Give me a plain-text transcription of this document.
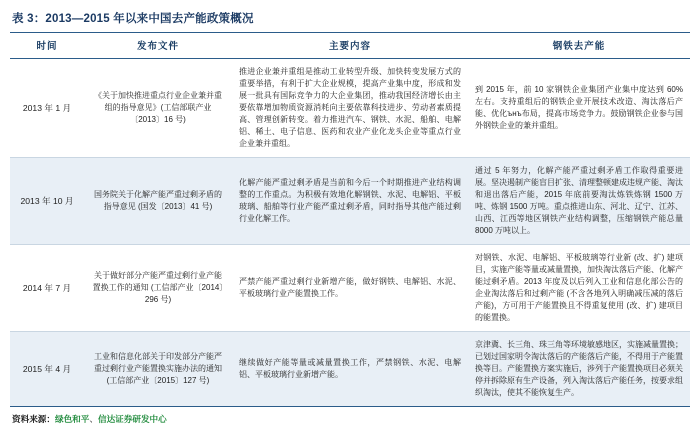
表 3：2013—2015 年以来中国去产能政策概况
时间	发布文件	主要内容	钢铁去产能
2013 年 1 月	《关于加快推进重点行业企业兼并重组的指导意见》(工信部联产业〔2013〕16 号)	推进企业兼并重组是推动工业转型升级、加快转变发展方式的重要举措，有利于扩大企业规模，提高产业集中度，形成和发展一批具有国际竞争力的大企业集团，推动我国经济增长由主要依靠增加物质资源消耗向主要依靠科技进步、劳动者素质提高、管理创新转变。着力推进汽车、钢铁、水泥、船舶、电解铝、稀土、电子信息、医药和农业产业化龙头企业等重点行业企业兼并重组。	到 2015 年，前 10 家钢铁企业集团产业集中度达到 60% 左右。支持重组后的钢铁企业开展技术改造、淘汰落后产能、优化ънъ布局，提高市场竞争力。鼓励钢铁企业参与国外钢铁企业的兼并重组。
2013 年 10 月	国务院关于化解产能严重过剩矛盾的指导意见 (国发〔2013〕41 号)	化解产能严重过剩矛盾是当前和今后一个时期推进产业结构调整的工作重点。为积极有效地化解钢铁、水泥、电解铝、平板玻璃、船舶等行业产能严重过剩矛盾，同时指导其他产能过剩行业化解工作。	通过 5 年努力，化解产能严重过剩矛盾工作取得重要进展。坚决遏制产能盲目扩张、清理整顿建成违规产能、淘汰和退出落后产能，2015 年底前要淘汰炼铁炼钢 1500 万吨、炼钢 1500 万吨。重点推进山东、河北、辽宁、江苏、山西、江西等地区钢铁产业结构调整，压缩钢铁产能总量 8000 万吨以上。
2014 年 7 月	关于做好部分产能严重过剩行业产能置换工作的通知 (工信部产业〔2014〕296 号)	严禁产能严重过剩行业新增产能，做好钢铁、电解铝、水泥、平板玻璃行业产能置换工作。	对钢铁、水泥、电解铝、平板玻璃等行业新 (改、扩) 建项目，实施产能等量或减量置换，加快淘汰落后产能、化解产能过剩矛盾。2013 年度及以后列入工业和信息化部公告的企业淘汰落后和过剩产能 (不含各地列入明确减压减的落后产能)，方可用于产能置换且不得重复使用 (改、扩) 建项目的能置换。
2015 年 4 月	工业和信息化部关于印发部分产能严重过剩行业产能置换实施办法的通知 (工信部产业〔2015〕127 号)	继续做好产能等量或减量置换工作，严禁钢铁、水泥、电解铝、平板玻璃行业新增产能。	京津冀、长三角、珠三角等环境敏感地区，实施减量置换；已划过国家明令淘汰落后的产能落后产能，不得用于产能置换等目。产能置换方案实施后，涉列于产能置换项目必须关停并拆除原有生产设备，列入淘汰落后产能任务，按要求组织淘汰，使其不能恢复生产。
资料来源：绿色和平、信达证券研发中心
